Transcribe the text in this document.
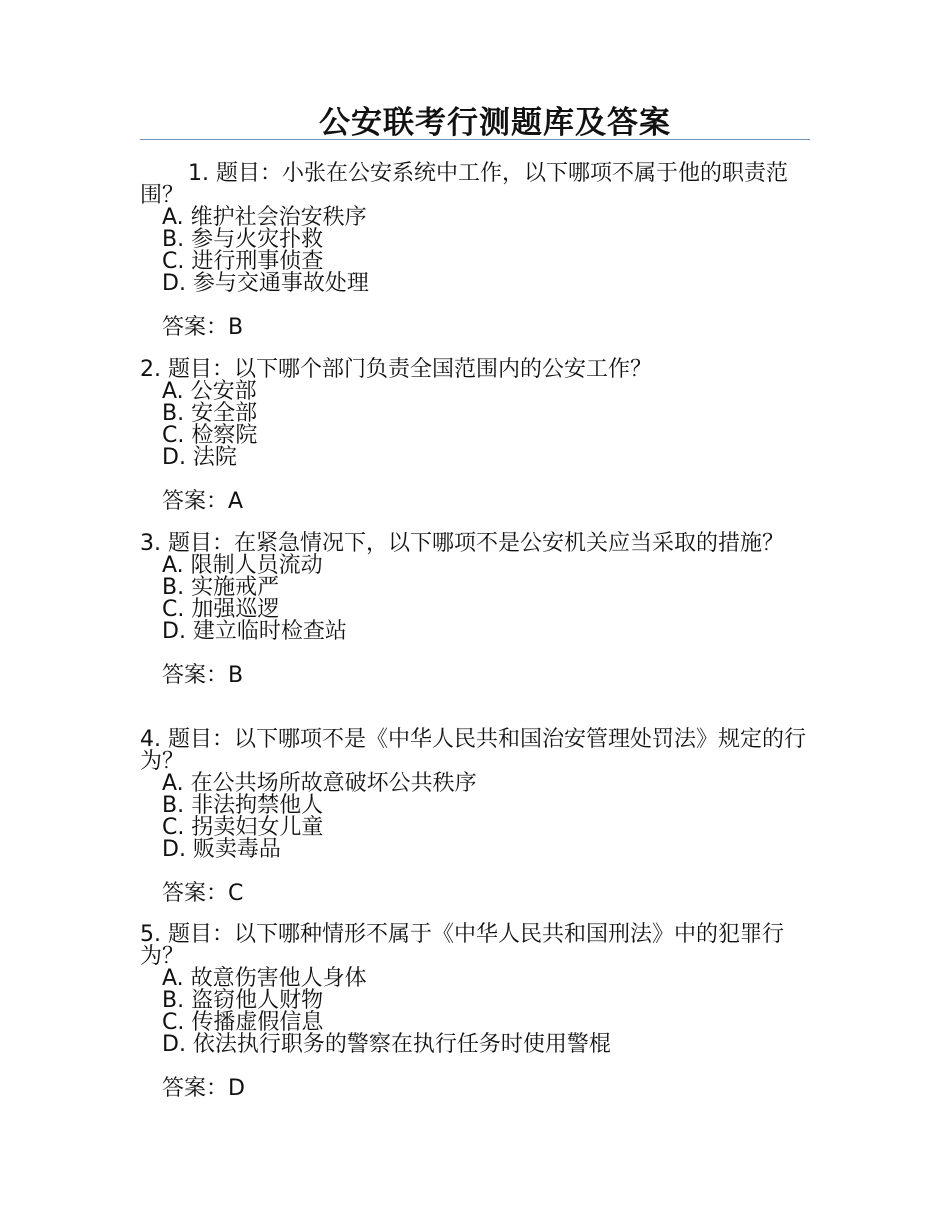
公安联考行测题库及答案
1. 题目：小张在公安系统中工作，以下哪项不属于他的职责范围？
A. 维护社会治安秩序
B. 参与火灾扑救
C. 进行刑事侦查
D. 参与交通事故处理
答案：B
2. 题目：以下哪个部门负责全国范围内的公安工作？
A. 公安部
B. 安全部
C. 检察院
D. 法院
答案：A
3. 题目：在紧急情况下，以下哪项不是公安机关应当采取的措施？
A. 限制人员流动
B. 实施戒严
C. 加强巡逻
D. 建立临时检查站
答案：B
4. 题目：以下哪项不是《中华人民共和国治安管理处罚法》规定的行为？
A. 在公共场所故意破坏公共秩序
B. 非法拘禁他人
C. 拐卖妇女儿童
D. 贩卖毒品
答案：C
5. 题目：以下哪种情形不属于《中华人民共和国刑法》中的犯罪行为？
A. 故意伤害他人身体
B. 盗窃他人财物
C. 传播虚假信息
D. 依法执行职务的警察在执行任务时使用警棍
答案：D
